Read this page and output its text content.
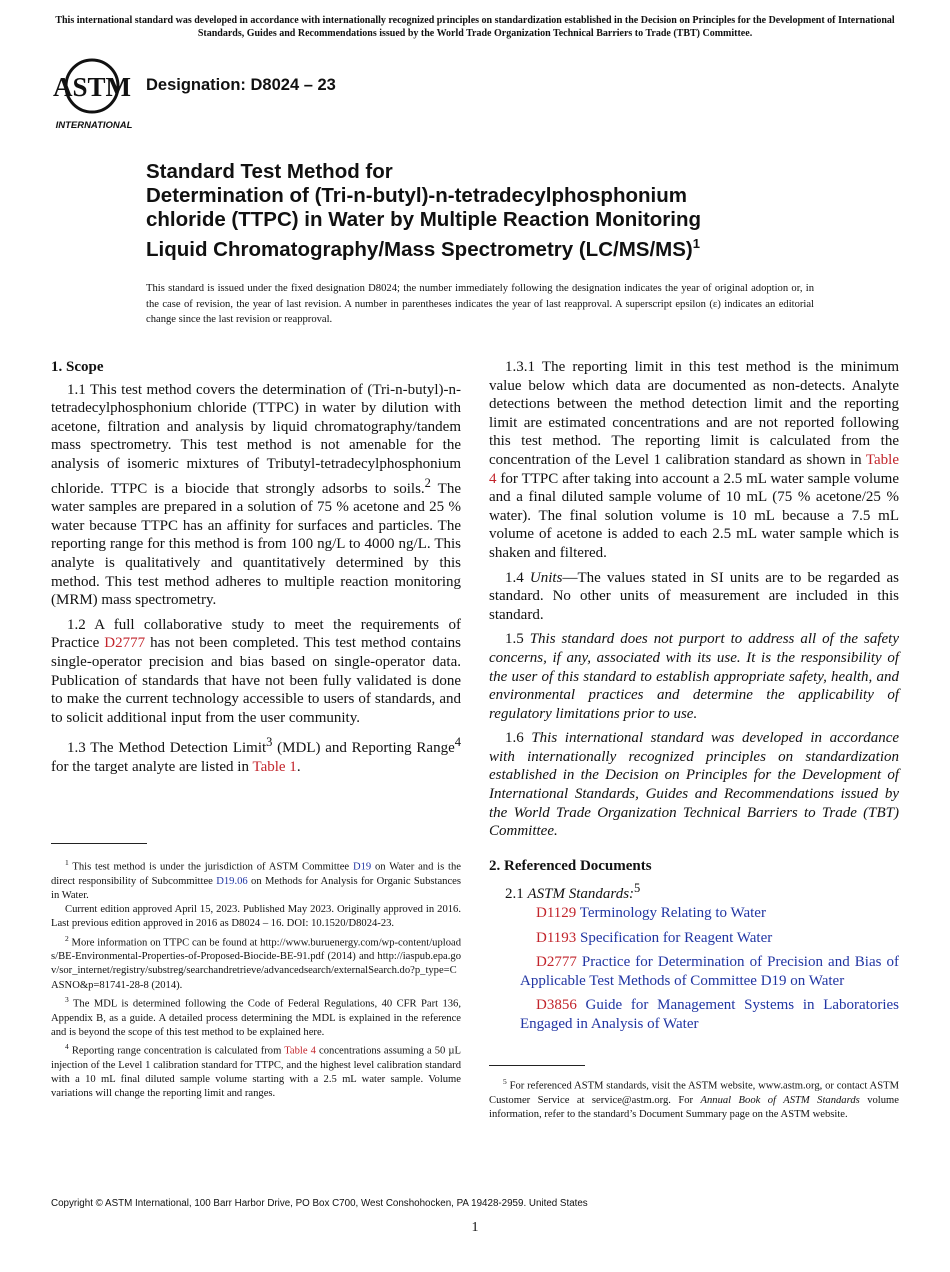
This international standard was developed in accordance with internationally recognized principles on standardization established in the Decision on Principles for the Development of International Standards, Guides and Recommendations issued by the World Trade Organization Technical Barriers to Trade (TBT) Committee.
ASTM
INTERNATIONAL
Designation: D8024 – 23
Standard Test Method for
Determination of (Tri-n-butyl)-n-tetradecylphosphonium
chloride (TTPC) in Water by Multiple Reaction Monitoring
Liquid Chromatography/Mass Spectrometry $(LC/MS/MS)^1$
This standard is issued under the fixed designation D8024; the number immediately following the designation indicates the year of original adoption or, in the case of revision, the year of last revision. A number in parentheses indicates the year of last reapproval. A superscript epsilon (ε) indicates an editorial change since the last revision or reapproval.
1. Scope

1.1 This test method covers the determination of (Tri-n-butyl)-n-tetradecylphosphonium chloride (TTPC) in water by dilution with acetone, filtration and analysis by liquid chromatography/tandem mass spectrometry. This test method is not amenable for the analysis of isomeric mixtures of Tributyl-tetradecylphosphonium chloride. TTPC is a biocide that strongly adsorbs to soils.$^2$ The water samples are prepared in a solution of 75 % acetone and 25 % water because TTPC has an affinity for surfaces and particles. The reporting range for this method is from 100 ng/L to 4000 ng/L. This analyte is qualitatively and quantitatively determined by this method. This test method adheres to multiple reaction monitoring (MRM) mass spectrometry.

1.2 A full collaborative study to meet the requirements of Practice D2777 has not been completed. This test method contains single-operator precision and bias based on single-operator data. Publication of standards that have not been fully validated is done to make the current technology accessible to users of standards, and to solicit additional input from the user community.

1.3 The Method Detection Limit$^3$ (MDL) and Reporting Range$^4$ for the target analyte are listed in Table 1.

$^1$ This test method is under the jurisdiction of ASTM Committee D19 on Water and is the direct responsibility of Subcommittee D19.06 on Methods for Analysis for Organic Substances in Water.

Current edition approved April 15, 2023. Published May 2023. Originally approved in 2016. Last previous edition approved in 2016 as D8024 – 16. DOI: 10.1520/D8024-23.

$^2$ More information on TTPC can be found at http://www.buruenergy.com/wp-content/uploads/BE-Environmental-Properties-of-Proposed-Biocide-BE-91.pdf (2014) and http://iaspub.epa.gov/sor_internet/registry/substreg/searchandretrieve/advancedsearch/externalSearch.do?p_type=CASNO&p=81741-28-8 (2014).

$^3$ The MDL is determined following the Code of Federal Regulations, 40 CFR Part 136, Appendix B, as a guide. A detailed process determining the MDL is explained in the reference and is beyond the scope of this test method to be explained here.

$^4$ Reporting range concentration is calculated from Table 4 concentrations assuming a 50 µL injection of the Level 1 calibration standard for TTPC, and the highest level calibration standard with a 10 mL final diluted sample volume starting with a 2.5 mL water sample. Volume variations will change the reporting limit and ranges.

1.3.1 The reporting limit in this test method is the minimum value below which data are documented as non-detects. Analyte detections between the method detection limit and the reporting limit are estimated concentrations and are not reported following this test method. The reporting limit is calculated from the concentration of the Level 1 calibration standard as shown in Table 4 for TTPC after taking into account a 2.5 mL water sample volume and a final diluted sample volume of 10 mL (75 % acetone/25 % water). The final solution volume is 10 mL because a 7.5 mL volume of acetone is added to each 2.5 mL water sample which is shaken and filtered.

1.4 Units—The values stated in SI units are to be regarded as standard. No other units of measurement are included in this standard.

1.5 This standard does not purport to address all of the safety concerns, if any, associated with its use. It is the responsibility of the user of this standard to establish appropriate safety, health, and environmental practices and determine the applicability of regulatory limitations prior to use.

1.6 This international standard was developed in accordance with internationally recognized principles on standardization established in the Decision on Principles for the Development of International Standards, Guides and Recommendations issued by the World Trade Organization Technical Barriers to Trade (TBT) Committee.

2. Referenced Documents

2.1 ASTM Standards:$^5$

D1129 Terminology Relating to Water

D1193 Specification for Reagent Water

D2777 Practice for Determination of Precision and Bias of Applicable Test Methods of Committee D19 on Water

D3856 Guide for Management Systems in Laboratories Engaged in Analysis of Water

$^5$ For referenced ASTM standards, visit the ASTM website, www.astm.org, or contact ASTM Customer Service at service@astm.org. For Annual Book of ASTM Standards volume information, refer to the standard’s Document Summary page on the ASTM website.

Copyright © ASTM International, 100 Barr Harbor Drive, PO Box C700, West Conshohocken, PA 19428-2959. United States
1
